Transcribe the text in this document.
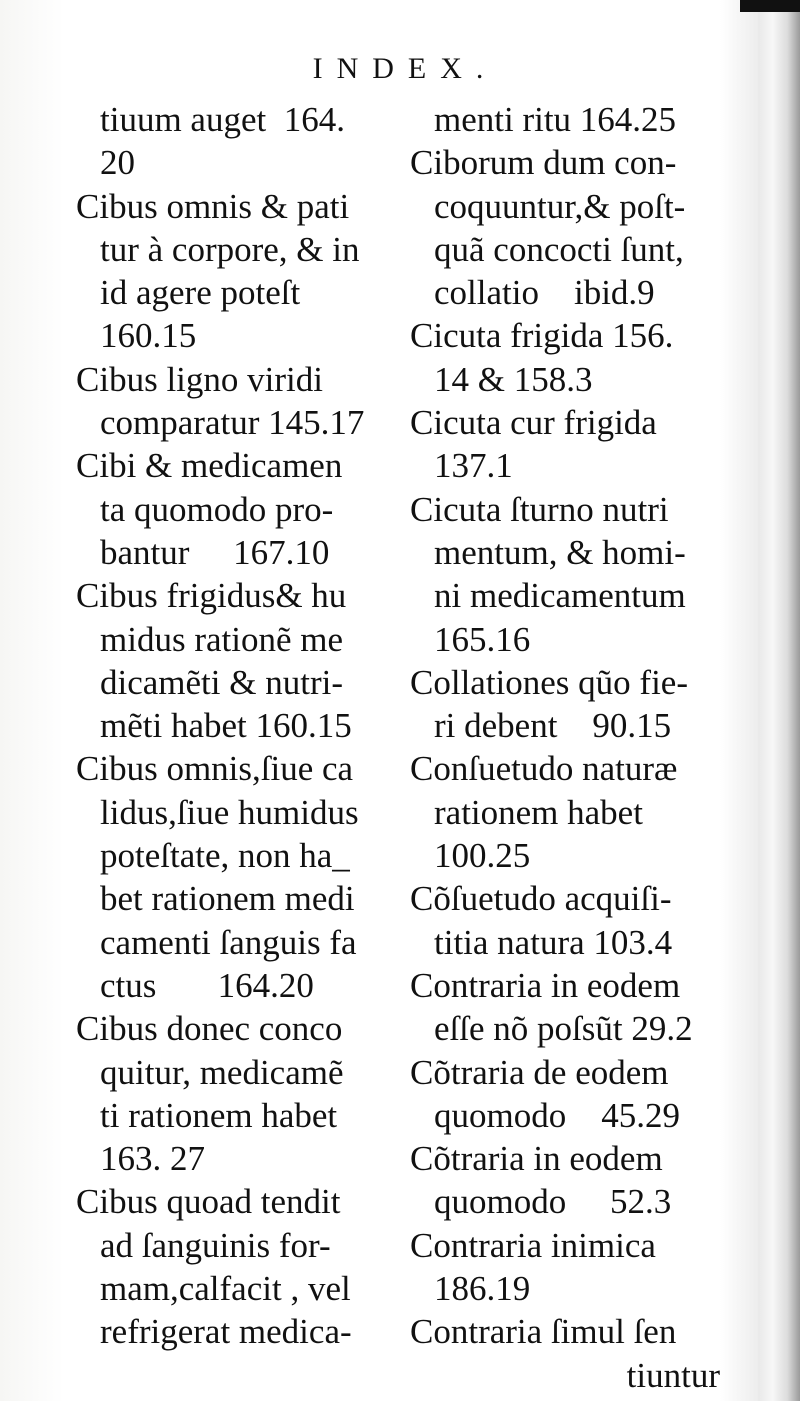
INDEX.
tiuum auget  164.
20
Cibus omnis & pati
tur à corpore, & in
id agere poteſt
160.15
Cibus ligno viridi
comparatur 145.17
Cibi & medicamen
ta quomodo pro-
bantur     167.10
Cibus frigidus& hu
midus rationẽ me
dicamẽti & nutri-
mẽti habet 160.15
Cibus omnis,ſiue ca
lidus,ſiue humidus
poteſtate, non ha_
bet rationem medi
camenti ſanguis fa
ctus       164.20
Cibus donec conco
quitur, medicamẽ
ti rationem habet
163. 27
Cibus quoad tendit
ad ſanguinis for-
mam,calfacit , vel
refrigerat medica-
menti ritu 164.25
Ciborum dum con-
coquuntur,& poſt-
quã concocti ſunt,
collatio    ibid.9
Cicuta frigida 156.
14 & 158.3
Cicuta cur frigida
137.1
Cicuta ſturno nutri
mentum, & homi-
ni medicamentum
165.16
Collationes qũo fie-
ri debent    90.15
Conſuetudo naturæ
rationem habet
100.25
Cõſuetudo acquiſi-
titia natura 103.4
Contraria in eodem
eſſe nõ poſsũt 29.2
Cõtraria de eodem
quomodo    45.29
Cõtraria in eodem
quomodo     52.3
Contraria inimica
186.19
Contraria ſimul ſen
tiuntur
